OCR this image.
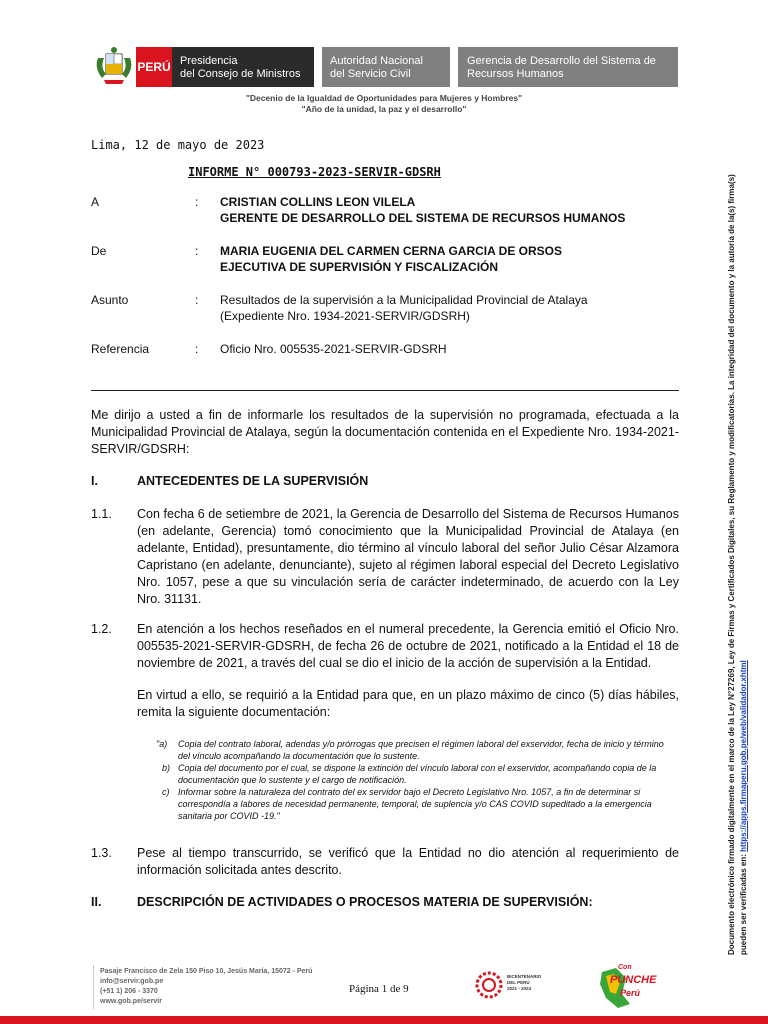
PERÚ Presidencia
del Consejo de Ministros
Autoridad Nacional
del Servicio Civil
Gerencia de Desarrollo del Sistema de
Recursos Humanos
"Decenio de la Igualdad de Oportunidades para Mujeres y Hombres"
"Año de la unidad, la paz y el desarrollo"
Lima, 12 de mayo de 2023
INFORME N° 000793-2023-SERVIR-GDSRH
A	: CRISTIAN COLLINS LEON VILELA
GERENTE DE DESARROLLO DEL SISTEMA DE RECURSOS HUMANOS
De	: MARIA EUGENIA DEL CARMEN CERNA GARCIA DE ORSOS
EJECUTIVA DE SUPERVISIÓN Y FISCALIZACIÓN
Asunto	: Resultados de la supervisión a la Municipalidad Provincial de Atalaya
(Expediente Nro. 1934-2021-SERVIR/GDSRH)
Referencia	: Oficio Nro. 005535-2021-SERVIR-GDSRH
Me dirijo a usted a fin de informarle los resultados de la supervisión no programada, efectuada a la Municipalidad Provincial de Atalaya, según la documentación contenida en el Expediente Nro. 1934-2021-SERVIR/GDSRH:
I.	ANTECEDENTES DE LA SUPERVISIÓN
1.1. Con fecha 6 de setiembre de 2021, la Gerencia de Desarrollo del Sistema de Recursos Humanos (en adelante, Gerencia) tomó conocimiento que la Municipalidad Provincial de Atalaya (en adelante, Entidad), presuntamente, dio término al vínculo laboral del señor Julio César Alzamora Capristano (en adelante, denunciante), sujeto al régimen laboral especial del Decreto Legislativo Nro. 1057, pese a que su vinculación sería de carácter indeterminado, de acuerdo con la Ley Nro. 31131.
1.2. En atención a los hechos reseñados en el numeral precedente, la Gerencia emitió el Oficio Nro. 005535-2021-SERVIR-GDSRH, de fecha 26 de octubre de 2021, notificado a la Entidad el 18 de noviembre de 2021, a través del cual se dio el inicio de la acción de supervisión a la Entidad.
En virtud a ello, se requirió a la Entidad para que, en un plazo máximo de cinco (5) días hábiles, remita la siguiente documentación:
"a) Copia del contrato laboral, adendas y/o prórrogas que precisen el régimen laboral del exservidor, fecha de inicio y término del vínculo acompañando la documentación que lo sustente.
b) Copia del documento por el cual, se dispone la extinción del vínculo laboral con el exservidor, acompañando copia de la documentación que lo sustente y el cargo de notificación.
c) Informar sobre la naturaleza del contrato del ex servidor bajo el Decreto Legislativo Nro. 1057, a fin de determinar si correspondía a labores de necesidad permanente, temporal, de suplencia y/o CAS COVID supeditado a la emergencia sanitaria por COVID -19."
1.3. Pese al tiempo transcurrido, se verificó que la Entidad no dio atención al requerimiento de información solicitada antes descrito.
II.	DESCRIPCIÓN DE ACTIVIDADES O PROCESOS MATERIA DE SUPERVISIÓN:	Documento electrónico firmado digitalmente en el marco de la Ley N°27269, Ley de Firmas y Certificados Digitales, su Reglamento y modificatorias. La integridad del documento y la autoría de la(s) firma(s) pueden ser verificadas en: https://apps.firmaperu.gob.pe/web/validador.xhtml
Pasaje Francisco de Zela 150 Piso 10, Jesús María, 15072 - Perú
info@servir.gob.pe
(+51 1) 206 - 3370
www.gob.pe/servir
Página 1 de 9
BICENTENARIO
DEL PERÚ
2021 - 2024
Con
PUNCHE
Perú
